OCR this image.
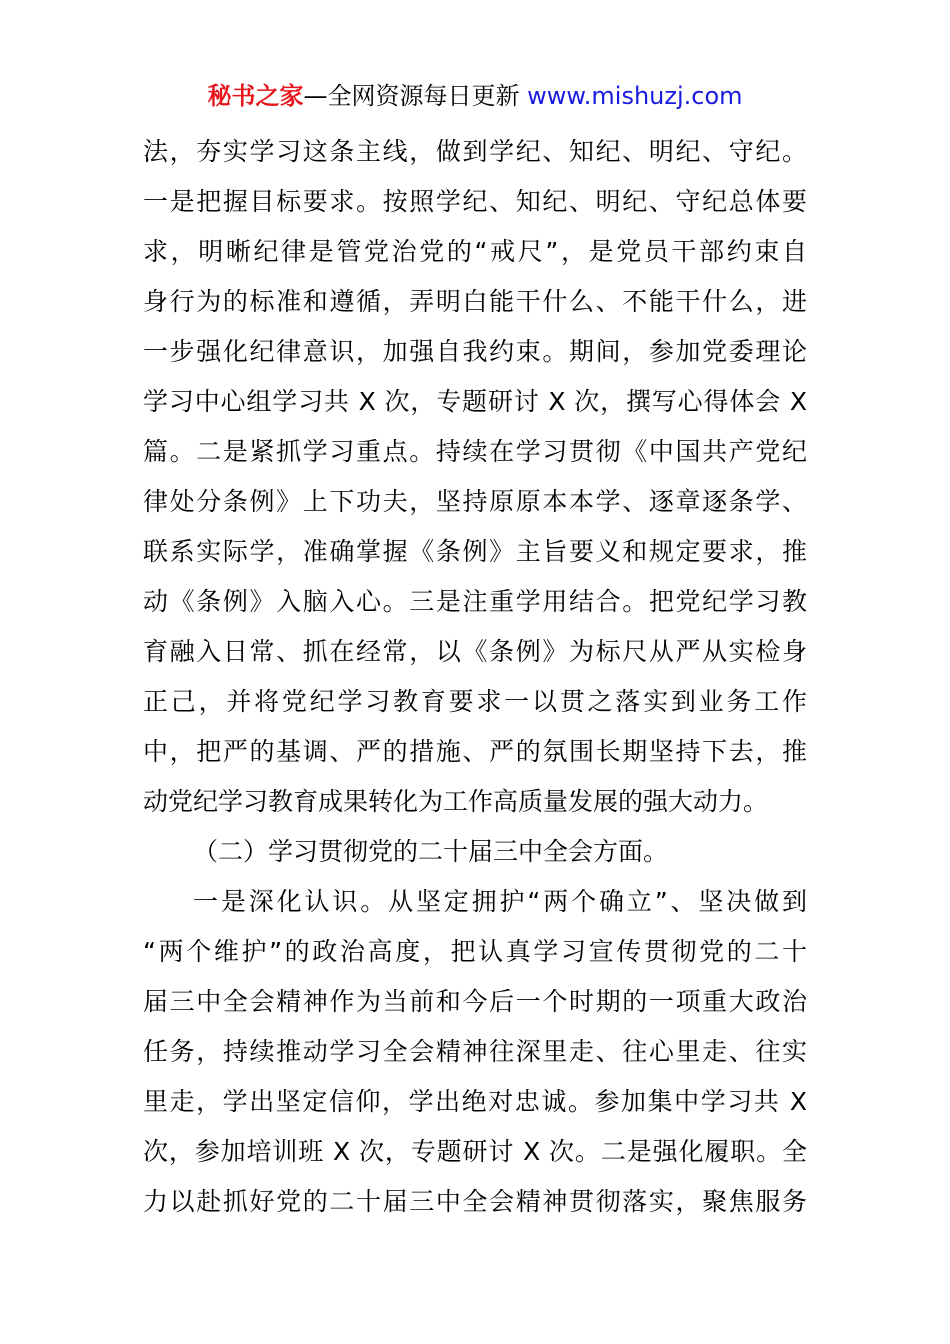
秘书之家—全网资源每日更新 www.mishuzj.com
法，夯实学习这条主线，做到学纪、知纪、明纪、守纪。
一是把握目标要求。按照学纪、知纪、明纪、守纪总体要
求，明晰纪律是管党治党的“戒尺”，是党员干部约束自
身行为的标准和遵循，弄明白能干什么、不能干什么，进
一步强化纪律意识，加强自我约束。期间，参加党委理论
学习中心组学习共 X 次，专题研讨 X 次，撰写心得体会 X
篇。二是紧抓学习重点。持续在学习贯彻《中国共产党纪
律处分条例》上下功夫，坚持原原本本学、逐章逐条学、
联系实际学，准确掌握《条例》主旨要义和规定要求，推
动《条例》入脑入心。三是注重学用结合。把党纪学习教
育融入日常、抓在经常，以《条例》为标尺从严从实检身
正己，并将党纪学习教育要求一以贯之落实到业务工作
中，把严的基调、严的措施、严的氛围长期坚持下去，推
动党纪学习教育成果转化为工作高质量发展的强大动力。
（二）学习贯彻党的二十届三中全会方面。
一是深化认识。从坚定拥护“两个确立”、坚决做到
“两个维护”的政治高度，把认真学习宣传贯彻党的二十
届三中全会精神作为当前和今后一个时期的一项重大政治
任务，持续推动学习全会精神往深里走、往心里走、往实
里走，学出坚定信仰，学出绝对忠诚。参加集中学习共 X
次，参加培训班 X 次，专题研讨 X 次。二是强化履职。全
力以赴抓好党的二十届三中全会精神贯彻落实，聚焦服务
